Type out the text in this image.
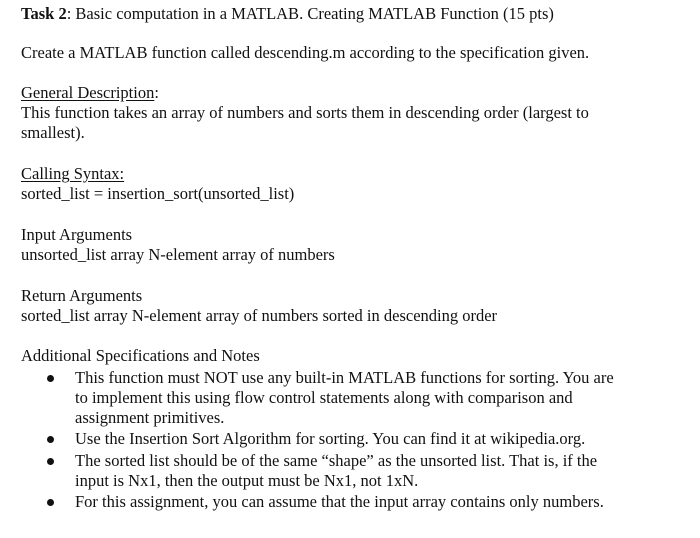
Task 2: Basic computation in a MATLAB. Creating MATLAB Function (15 pts)
Create a MATLAB function called descending.m according to the specification given.
General Description:
This function takes an array of numbers and sorts them in descending order (largest to
smallest).
Calling Syntax:
sorted_list = insertion_sort(unsorted_list)
Input Arguments
unsorted_list array N-element array of numbers
Return Arguments
sorted_list array N-element array of numbers sorted in descending order
Additional Specifications and Notes
This function must NOT use any built-in MATLAB functions for sorting. You are
to implement this using flow control statements along with comparison and
assignment primitives.
Use the Insertion Sort Algorithm for sorting. You can find it at wikipedia.org.
The sorted list should be of the same “shape” as the unsorted list. That is, if the
input is Nx1, then the output must be Nx1, not 1xN.
For this assignment, you can assume that the input array contains only numbers.
